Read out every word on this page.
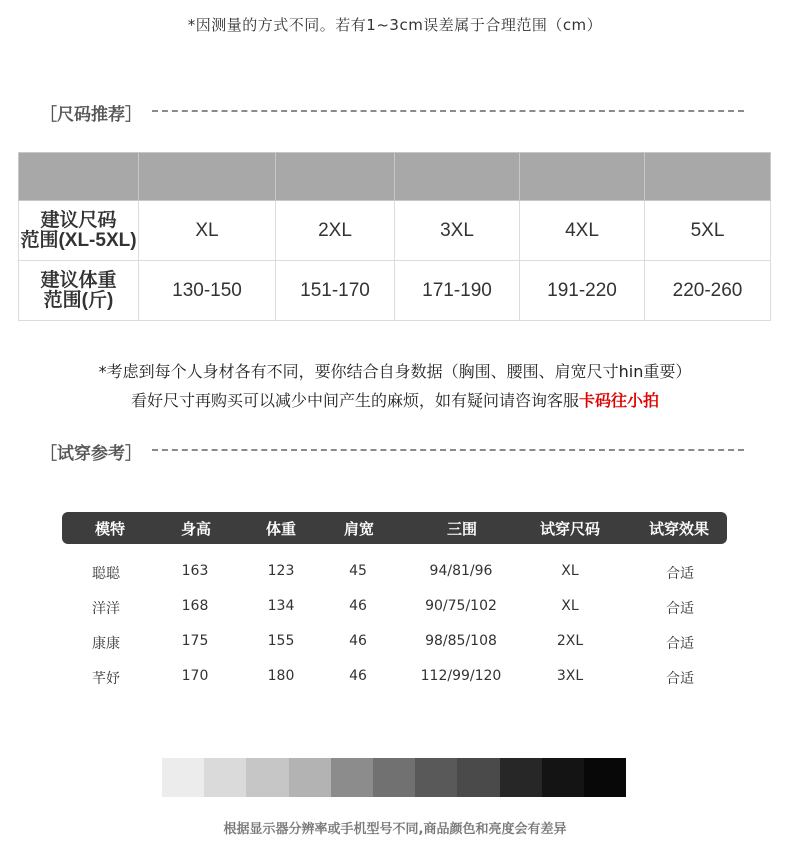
*因测量的方式不同。若有1~3cm误差属于合理范围（cm）
［尺码推荐］

建议尺码
范围(XL-5XL)	XL	2XL	3XL	4XL	5XL

建议体重
范围(斤)	130-150	151-170	171-190	191-220	220-260
*考虑到每个人身材各有不同，要你结合自身数据（胸围、腰围、肩宽尺寸hin重要）
看好尺寸再购买可以减少中间产生的麻烦，如有疑问请咨询客服卡码往小拍
［试穿参考］
模特	身高	体重	肩宽	三围	试穿尺码	试穿效果
聪聪	163	123	45	94/81/96	XL	合适
洋洋	168	134	46	90/75/102	XL	合适
康康	175	155	46	98/85/108	2XL	合适
芊妤	170	180	46	112/99/120	3XL	合适
根据显示器分辨率或手机型号不同,商品颜色和亮度会有差异
